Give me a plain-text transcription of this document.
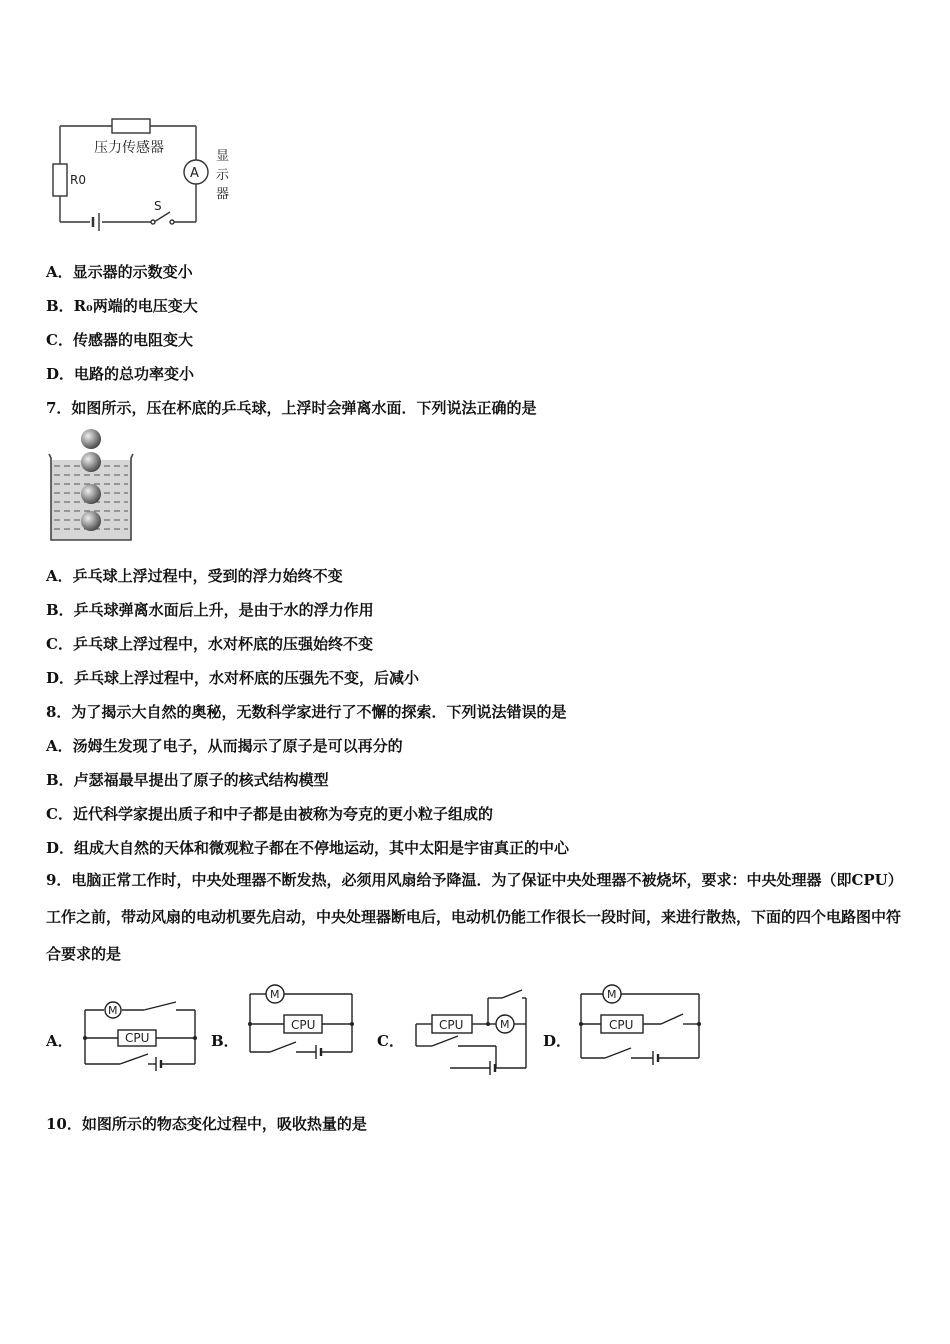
压力传感器
R0	A
显
示
器
S
A．显示器的示数变小
B．R₀两端的电压变大
C．传感器的电阻变大
D．电路的总功率变小
7．如图所示，压在杯底的乒乓球，上浮时会弹离水面．下列说法正确的是
A．乒乓球上浮过程中，受到的浮力始终不变
B．乒乓球弹离水面后上升，是由于水的浮力作用
C．乒乓球上浮过程中，水对杯底的压强始终不变
D．乒乓球上浮过程中，水对杯底的压强先不变，后减小
8．为了揭示大自然的奥秘，无数科学家进行了不懈的探索．下列说法错误的是
A．汤姆生发现了电子，从而揭示了原子是可以再分的
B．卢瑟福最早提出了原子的核式结构模型
C．近代科学家提出质子和中子都是由被称为夸克的更小粒子组成的
D．组成大自然的天体和微观粒子都在不停地运动，其中太阳是宇宙真正的中心
9．电脑正常工作时，中央处理器不断发热，必须用风扇给予降温．为了保证中央处理器不被烧坏，要求：中央处理器（即CPU）工作之前，带动风扇的电动机要先启动，中央处理器断电后，电动机仍能工作很长一段时间，来进行散热，下面的四个电路图中符合要求的是
A．	B．	C．	D．
M
CPU
M
CPU	CPU	M
M
CPU
10．如图所示的物态变化过程中，吸收热量的是
